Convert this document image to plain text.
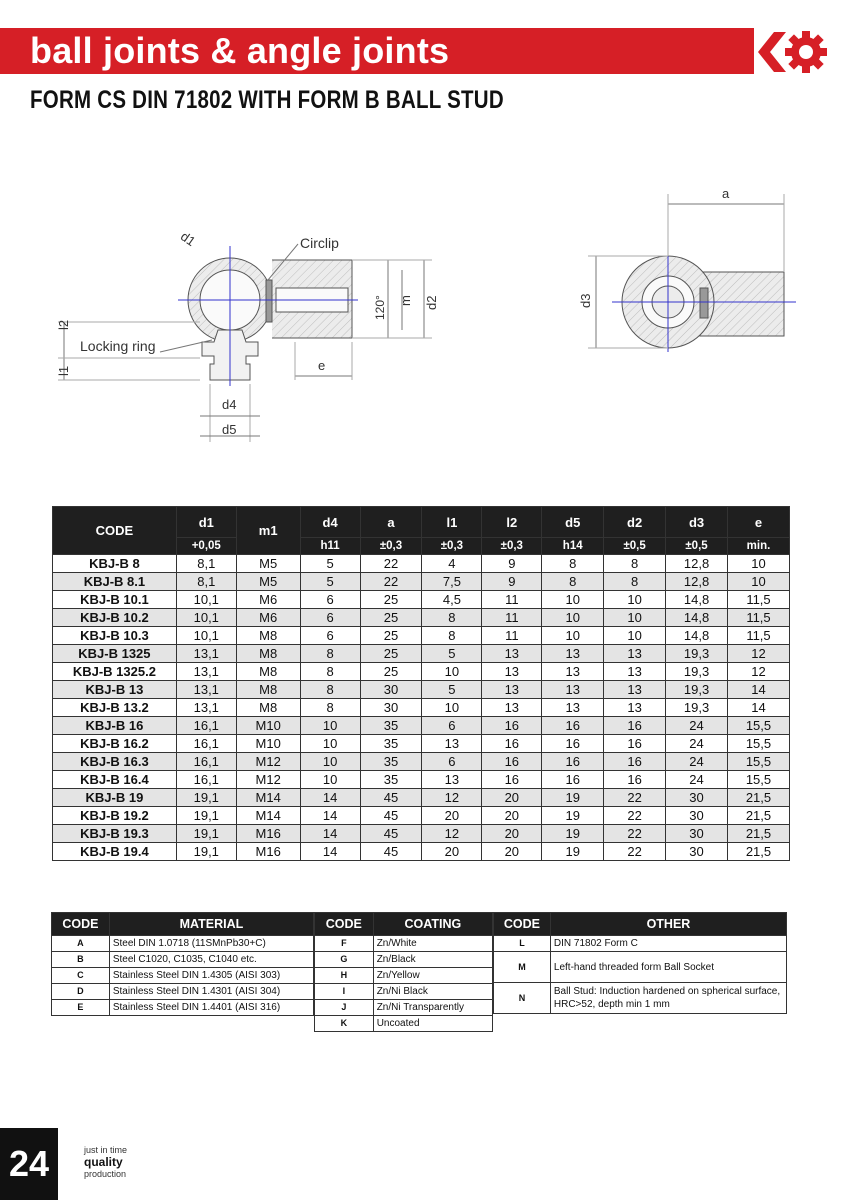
ball joints & angle joints
FORM CS DIN 71802 WITH FORM B BALL STUD
d1	Circlip
l2
Locking ring
l1
d4
d5
e
120° m d2
a
d3
CODE	d1	m1	d4	a	l1	l2	d5	d2	d3	e
	+0,05		h11	±0,3	±0,3	±0,3	h14	±0,5	±0,5	min.
KBJ-B 8	8,1	M5	5	22	4	9	8	8	12,8	10
KBJ-B 8.1	8,1	M5	5	22	7,5	9	8	8	12,8	10
KBJ-B 10.1	10,1	M6	6	25	4,5	11	10	10	14,8	11,5
KBJ-B 10.2	10,1	M6	6	25	8	11	10	10	14,8	11,5
KBJ-B 10.3	10,1	M8	6	25	8	11	10	10	14,8	11,5
KBJ-B 1325	13,1	M8	8	25	5	13	13	13	19,3	12
KBJ-B 1325.2	13,1	M8	8	25	10	13	13	13	19,3	12
KBJ-B 13	13,1	M8	8	30	5	13	13	13	19,3	14
KBJ-B 13.2	13,1	M8	8	30	10	13	13	13	19,3	14
KBJ-B 16	16,1	M10	10	35	6	16	16	16	24	15,5
KBJ-B 16.2	16,1	M10	10	35	13	16	16	16	24	15,5
KBJ-B 16.3	16,1	M12	10	35	6	16	16	16	24	15,5
KBJ-B 16.4	16,1	M12	10	35	13	16	16	16	24	15,5
KBJ-B 19	19,1	M14	14	45	12	20	19	22	30	21,5
KBJ-B 19.2	19,1	M14	14	45	20	20	19	22	30	21,5
KBJ-B 19.3	19,1	M16	14	45	12	20	19	22	30	21,5
KBJ-B 19.4	19,1	M16	14	45	20	20	19	22	30	21,5
CODE	MATERIAL
A	Steel DIN 1.0718 (11SMnPb30+C)
B	Steel C1020, C1035, C1040 etc.
C	Stainless Steel DIN 1.4305 (AISI 303)
D	Stainless Steel DIN 1.4301 (AISI 304)
E	Stainless Steel DIN 1.4401 (AISI 316)
CODE	COATING
F	Zn/White
G	Zn/Black
H	Zn/Yellow
I	Zn/Ni Black
J	Zn/Ni Transparently
K	Uncoated
CODE	OTHER
L	DIN 71802 Form C
M	Left-hand threaded form Ball Socket
N	Ball Stud: Induction hardened on spherical surface, HRC>52, depth min 1 mm
24	just in time
quality
production
